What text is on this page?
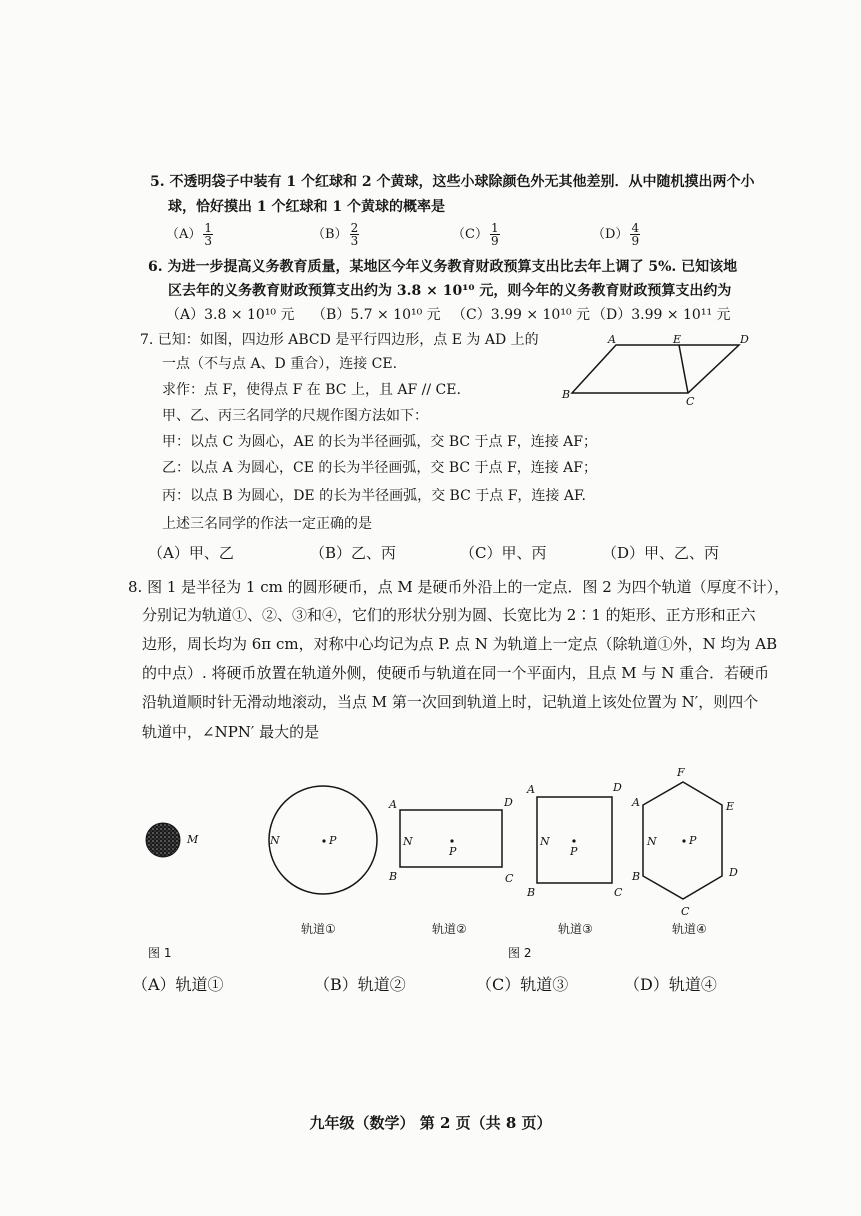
5. 不透明袋子中装有 1 个红球和 2 个黄球，这些小球除颜色外无其他差别．从中随机摸出两个小
球，恰好摸出 1 个红球和 1 个黄球的概率是
$(A) \frac{1}{3}$	$(B) \frac{2}{3}$	$(C) \frac{1}{9}$	$(D) \frac{4}{9}$
6. 为进一步提高义务教育质量，某地区今年义务教育财政预算支出比去年上调了 5%. 已知该地
区去年的义务教育财政预算支出约为 3.8 × 10¹⁰ 元，则今年的义务教育财政预算支出约为
（A）3.8 × 10¹⁰ 元 （B）5.7 × 10¹⁰ 元 （C）3.99 × 10¹⁰ 元 （D）3.99 × 10¹¹ 元
7. 已知：如图，四边形 ABCD 是平行四边形，点 E 为 AD 上的
一点（不与点 A、D 重合），连接 CE.
求作：点 F，使得点 F 在 BC 上，且 AF // CE.
甲、乙、丙三名同学的尺规作图方法如下：
甲：以点 C 为圆心，AE 的长为半径画弧，交 BC 于点 F，连接 AF；
乙：以点 A 为圆心，CE 的长为半径画弧，交 BC 于点 F，连接 AF；
丙：以点 B 为圆心，DE 的长为半径画弧，交 BC 于点 F，连接 AF.
上述三名同学的作法一定正确的是
（A）甲、乙	（B）乙、丙	（C）甲、丙	（D）甲、乙、丙
8. 图 1 是半径为 1 cm 的圆形硬币，点 M 是硬币外沿上的一定点．图 2 为四个轨道（厚度不计），
分别记为轨道①、②、③和④，它们的形状分别为圆、长宽比为 2∶1 的矩形、正方形和正六
边形，周长均为 6π cm，对称中心均记为点 P. 点 N 为轨道上一定点（除轨道①外，N 均为 AB
的中点）. 将硬币放置在轨道外侧，使硬币与轨道在同一个平面内，且点 M 与 N 重合．若硬币
沿轨道顺时针无滑动地滚动，当点 M 第一次回到轨道上时，记轨道上该处位置为 N′，则四个
轨道中，∠NPN′ 最大的是
（A）轨道①	（B）轨道②	（C）轨道③	（D）轨道④
A	E	D
B
C
M	P
N
P
N
A	D
B	C
P
N
A	D
B	C
P
N
A
F
E
D
C
B
轨道①	轨道②	轨道③	轨道④
图 1	图 2
九年级（数学） 第 2 页（共 8 页）
